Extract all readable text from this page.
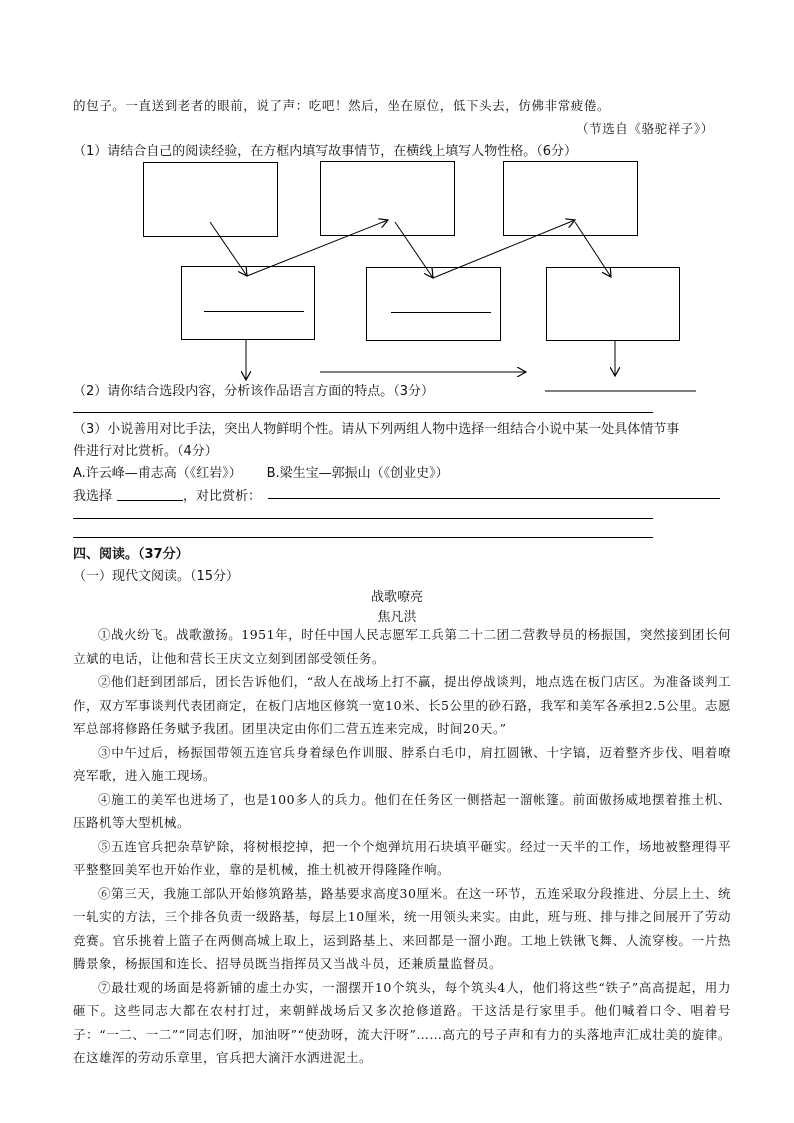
的包子。一直送到老者的眼前，说了声：吃吧！然后，坐在原位，低下头去，仿佛非常疲倦。
（节选自《骆驼祥子》）
（1）请结合自己的阅读经验，在方框内填写故事情节，在横线上填写人物性格。（6分）
（2）请你结合选段内容，分析该作品语言方面的特点。（3分）
（3）小说善用对比手法，突出人物鲜明个性。请从下列两组人物中选择一组结合小说中某一处具体情节事
件进行对比赏析。（4分）
A.许云峰—甫志高（《红岩》）      B.梁生宝—郭振山（《创业史》）
我选择	，对比赏析：
四、阅读。（37分）
（一）现代文阅读。（15分）
战歌嘹亮
焦凡洪

①战火纷飞。战歌激扬。1951年，时任中国人民志愿军工兵第二十二团二营教导员的杨振国，突然接到团长何立斌的电话，让他和营长王庆文立刻到团部受领任务。

②他们赶到团部后，团长告诉他们，“敌人在战场上打不赢，提出停战谈判，地点选在板门店区。为准备谈判工作，双方军事谈判代表团商定，在板门店地区修筑一宽10米、长5公里的砂石路，我军和美军各承担2.5公里。志愿军总部将修路任务赋予我团。团里决定由你们二营五连来完成，时间20天。”

③中午过后，杨振国带领五连官兵身着绿色作训服、脖系白毛巾，肩扛圆锹、十字镐，迈着整齐步伐、唱着嘹亮军歌，进入施工现场。

④施工的美军也进场了，也是100多人的兵力。他们在任务区一侧搭起一溜帐篷。前面傲扬威地摆着推土机、压路机等大型机械。

⑤五连官兵把杂草铲除，将树根挖掉，把一个个炮弹坑用石块填平砸实。经过一天半的工作，场地被整理得平平整整回美军也开始作业，靠的是机械，推土机被开得隆隆作响。

⑥第三天，我施工部队开始修筑路基，路基要求高度30厘米。在这一环节，五连采取分段推进、分层上土、统一轧实的方法，三个排各负责一级路基，每层上10厘米，统一用领头来实。由此，班与班、排与排之间展开了劳动竞赛。官乐挑着上篮子在两侧高城上取上，运到路基上、来回都是一溜小跑。工地上铁锹飞舞、人流穿梭。一片热腾景象，杨振国和连长、招导员既当指挥员又当战斗员，还兼质量监督员。

⑦最壮观的场面是将新铺的虚土办实，一溜摆开10个筑头，每个筑头4人，他们将这些“铁子”高高提起，用力砸下。这些同志大都在农村打过，来朝鲜战场后又多次抢修道路。干这活是行家里手。他们喊着口令、唱着号子：“一二、一二”“同志们呀，加油呀”“使劲呀，流大汗呀”……高亢的号子声和有力的头落地声汇成壮美的旋律。在这雄浑的劳动乐章里，官兵把大滴汗水洒进泥土。
